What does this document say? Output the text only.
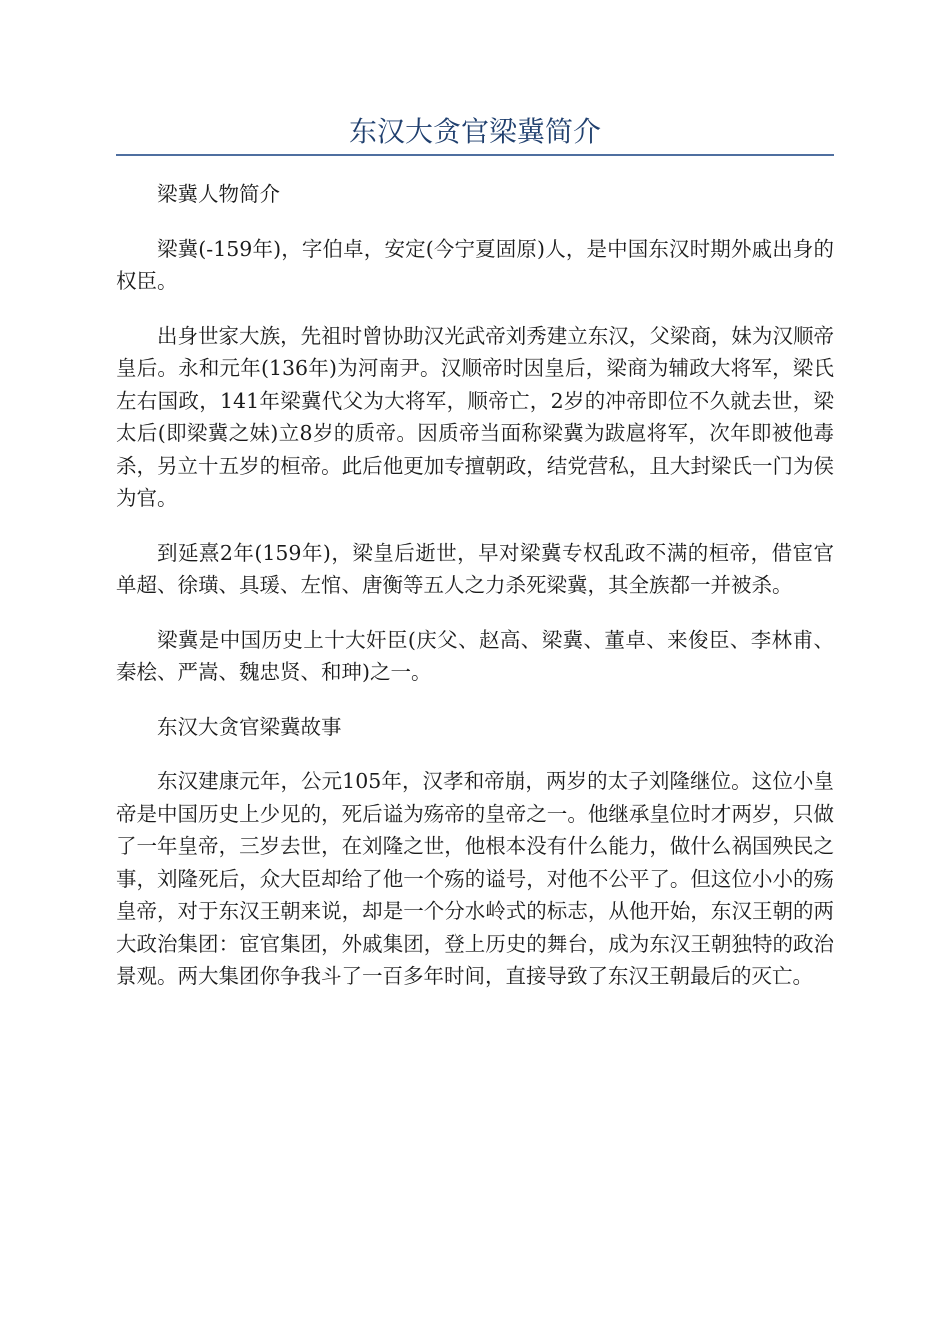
东汉大贪官梁冀简介
梁冀人物简介

梁冀(-159年)，字伯卓，安定(今宁夏固原)人，是中国东汉时期外戚出身的权臣。

出身世家大族，先祖时曾协助汉光武帝刘秀建立东汉，父梁商，妹为汉顺帝皇后。永和元年(136年)为河南尹。汉顺帝时因皇后，梁商为辅政大将军，梁氏左右国政，141年梁冀代父为大将军，顺帝亡，2岁的冲帝即位不久就去世，梁太后(即梁冀之妹)立8岁的质帝。因质帝当面称梁冀为跋扈将军，次年即被他毒杀，另立十五岁的桓帝。此后他更加专擅朝政，结党营私，且大封梁氏一门为侯为官。

到延熹2年(159年)，梁皇后逝世，早对梁冀专权乱政不满的桓帝，借宦官单超、徐璜、具瑗、左悺、唐衡等五人之力杀死梁冀，其全族都一并被杀。

梁冀是中国历史上十大奸臣(庆父、赵高、梁冀、董卓、来俊臣、李林甫、秦桧、严嵩、魏忠贤、和珅)之一。

东汉大贪官梁冀故事

东汉建康元年，公元105年，汉孝和帝崩，两岁的太子刘隆继位。这位小皇帝是中国历史上少见的，死后谥为殇帝的皇帝之一。他继承皇位时才两岁，只做了一年皇帝，三岁去世，在刘隆之世，他根本没有什么能力，做什么祸国殃民之事，刘隆死后，众大臣却给了他一个殇的谥号，对他不公平了。但这位小小的殇皇帝，对于东汉王朝来说，却是一个分水岭式的标志，从他开始，东汉王朝的两大政治集团：宦官集团，外戚集团，登上历史的舞台，成为东汉王朝独特的政治景观。两大集团你争我斗了一百多年时间，直接导致了东汉王朝最后的灭亡。
